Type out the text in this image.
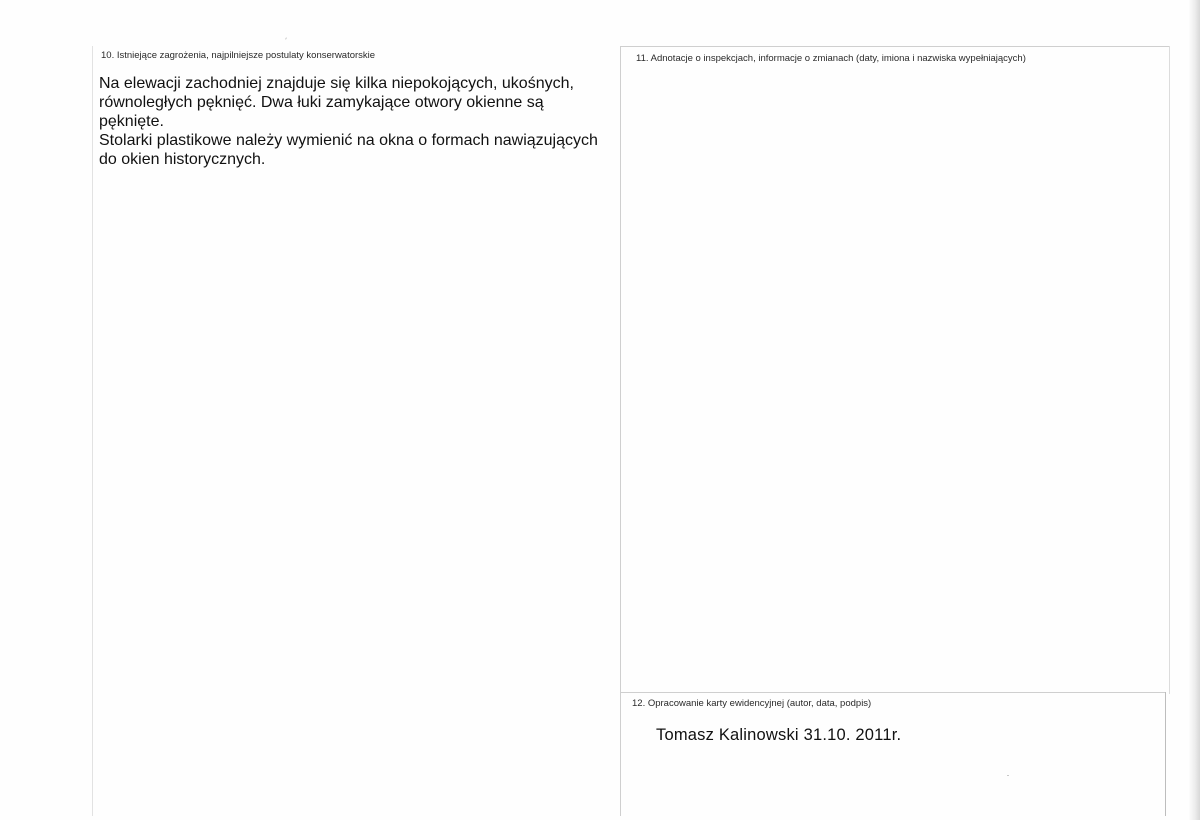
10. Istniejące zagrożenia, najpilniejsze postulaty konserwatorskie
Na elewacji zachodniej znajduje się kilka niepokojących, ukośnych,
równoległych pęknięć. Dwa łuki zamykające otwory okienne są
pęknięte.
Stolarki plastikowe należy wymienić na okna o formach nawiązujących
do okien historycznych.
11. Adnotacje o inspekcjach, informacje o zmianach (daty, imiona i nazwiska wypełniających)
12. Opracowanie karty ewidencyjnej (autor, data, podpis)
Tomasz Kalinowski 31.10. 2011r.
